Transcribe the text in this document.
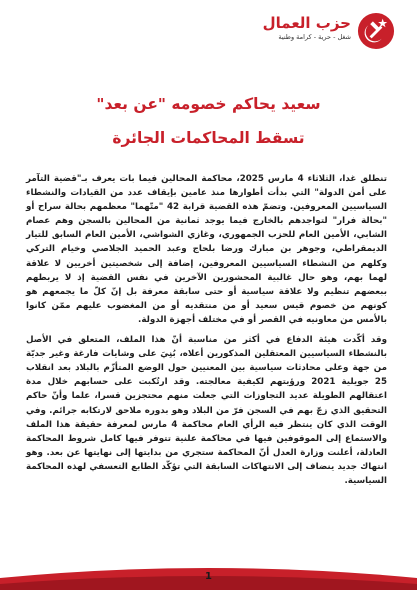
حزب العمال
شغل - حرية - كرامة وطنية
سعيد يحاكم خصومه "عن بعد"
تسقط المحاكمات الجائرة

تنطلق غدا، الثلاثاء 4 مارس 2025، محاكمة المحالين فيما بات يعرف بـ"قضية التآمر على أمن الدولة" التي بدأت أطوارها منذ عامين بإيقاف عدد من القيادات والنشطاء السياسيين المعروفين. وتضمّ هذه القضية قرابة 42 "متّهما" معظمهم بحالة سراح أو "بحالة فرار" لتواجدهم بالخارج فيما يوجد ثمانية من المحالين بالسجن وهم عصام الشابي، الأمين العام للحزب الجمهوري، وغازي الشواشي، الأمين العام السابق للتيار الديمقراطي، وجوهر بن مبارك ورضا بلحاج وعبد الحميد الجلاصي وخيام التركي وكلهم من النشطاء السياسيين المعروفين، إضافة إلى شخصيتين أخريين لا علاقة لهما بهم، وهو حال غالبية المحشورين الآخرين في نفس القضية إذ لا يربطهم ببعضهم تنظيم ولا علاقة سياسية أو حتى سابقة معرفة بل إنّ كلّ ما يجمعهم هو كونهم من خصوم قيس سعيد أو من منتقديه أو من المغضوب عليهم ممّن كانوا بالأمس من معاونيه في القصر أو في مختلف أجهزة الدولة.

وقد أكّدت هيئة الدفاع في أكثر من مناسبة أنّ هذا الملف، المتعلق في الأصل بالنشطاء السياسيين المعتقلين المذكورين أعلاه، بُنِيَ على وشايات فارغة وغير جديّة من جهة وعلى محادثات سياسية بين المعنيين حول الوضع المتأزّم بالبلاد بعد انقلاب 25 جويلية 2021 ورؤيتهم لكيفية معالجته. وقد ارتُكبت على حسابهم خلال مدة اعتقالهم الطويلة عديد التجاوزات التي جعلت منهم محتجزين قسرا، علما وأنّ حاكم التحقيق الذي زجّ بهم في السجن فرّ من البلاد وهو بدوره ملاحق لارتكابه جرائم. وفي الوقت الذي كان ينتظر فيه الرأي العام محاكمة 4 مارس لمعرفة حقيقة هذا الملف والاستماع إلى الموقوفين فيها في محاكمة علنية تتوفر فيها كامل شروط المحاكمة العادلة، أعلنت وزارة العدل أنّ المحاكمة ستجري من بدايتها إلى نهايتها عن بعد. وهو انتهاك جديد ينضاف إلى الانتهاكات السابقة التي تؤكّد الطابع التعسفي لهذه المحاكمة السياسية.

1
